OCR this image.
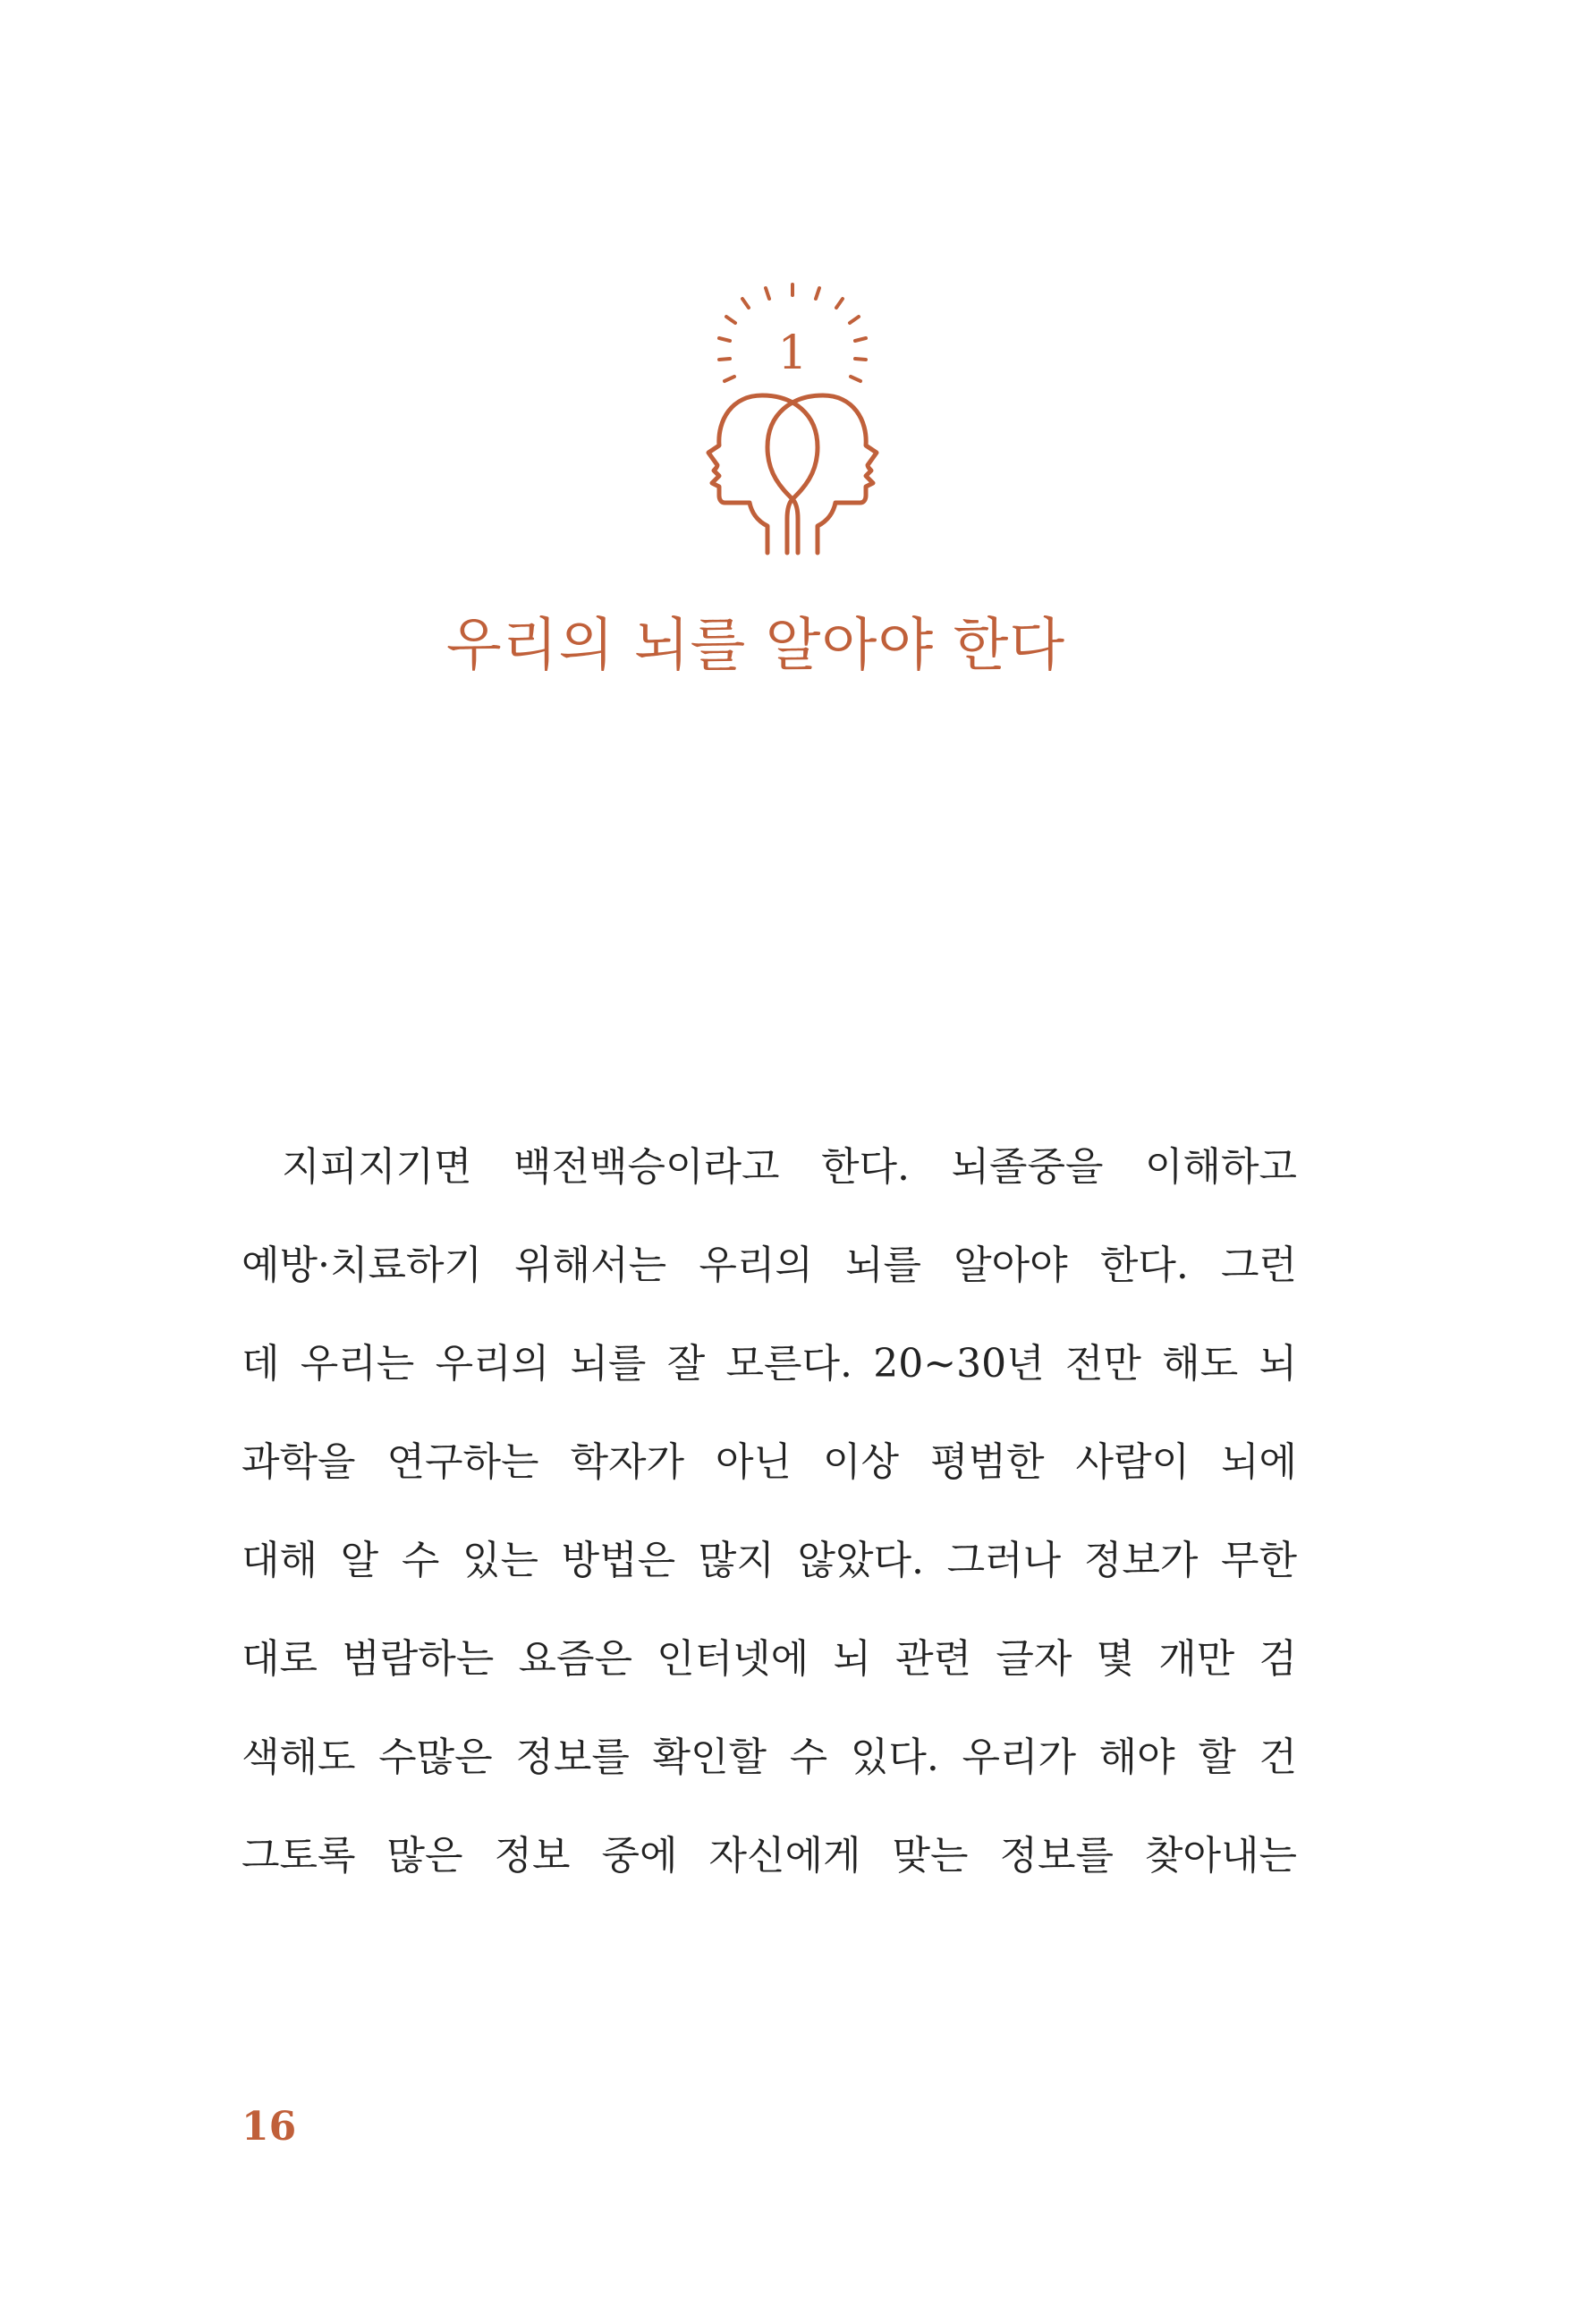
1
우리의 뇌를 알아야 한다
지피지기면 백전백승이라고 한다. 뇌졸중을 이해하고
예방·치료하기 위해서는 우리의 뇌를 알아야 한다. 그런
데 우리는 우리의 뇌를 잘 모른다. 20~30년 전만 해도 뇌
과학을 연구하는 학자가 아닌 이상 평범한 사람이 뇌에
대해 알 수 있는 방법은 많지 않았다. 그러나 정보가 무한
대로 범람하는 요즘은 인터넷에 뇌 관련 글자 몇 개만 검
색해도 수많은 정보를 확인할 수 있다. 우리가 해야 할 건
그토록 많은 정보 중에 자신에게 맞는 정보를 찾아내는
16
